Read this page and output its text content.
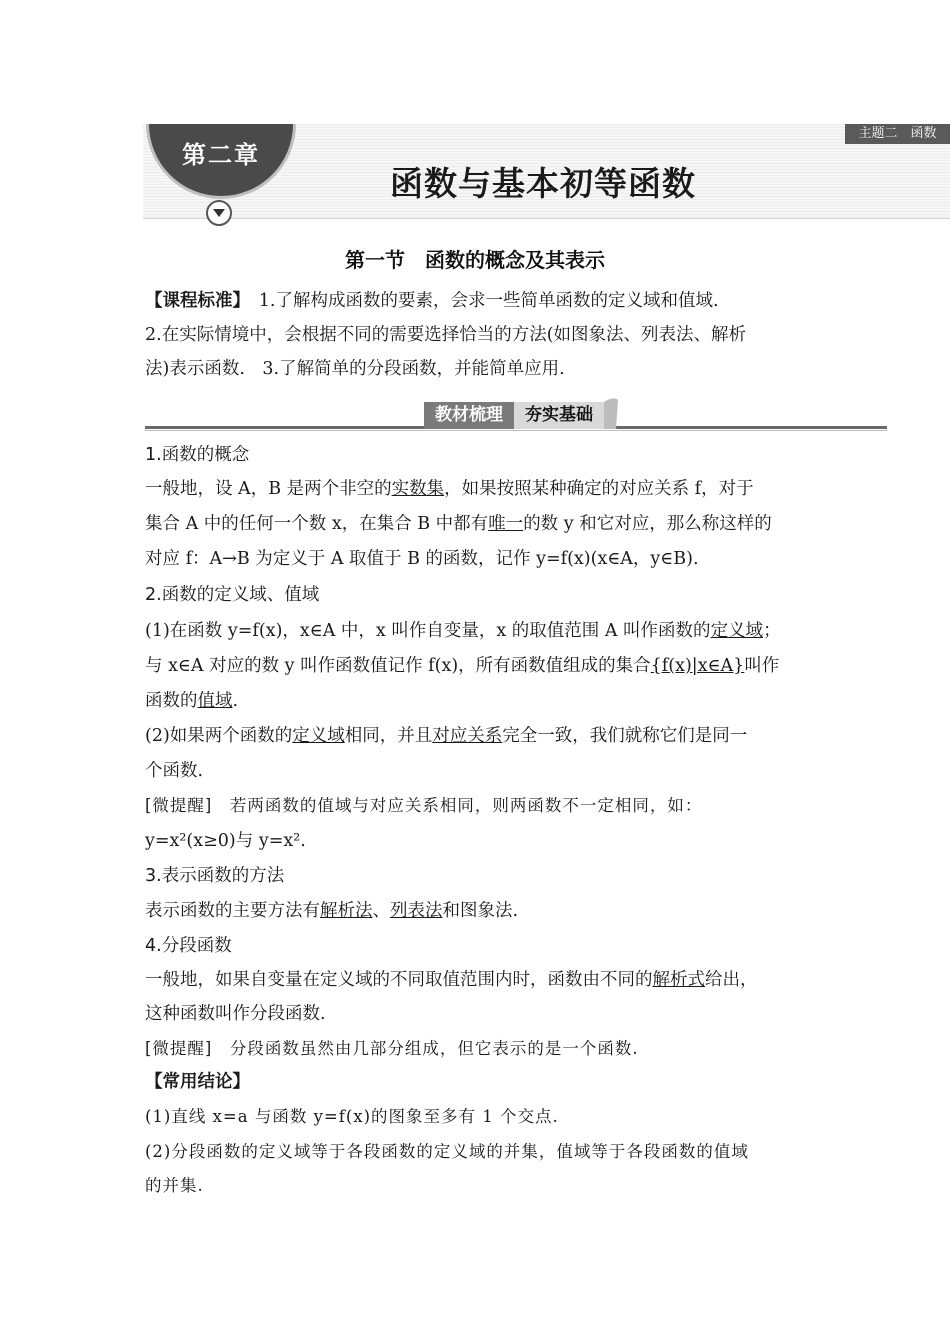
主题二　函数
第二章
函数与基本初等函数
第一节　函数的概念及其表示
【课程标准】　1.了解构成函数的要素，会求一些简单函数的定义域和值域.
2.在实际情境中，会根据不同的需要选择恰当的方法(如图象法、列表法、解析
法)表示函数.　3.了解简单的分段函数，并能简单应用.
教材梳理	夯实基础
1.函数的概念
一般地，设 A，B 是两个非空的实数集，如果按照某种确定的对应关系 f，对于
集合 A 中的任何一个数 x，在集合 B 中都有唯一的数 y 和它对应，那么称这样的
对应 f：A→B 为定义于 A 取值于 B 的函数，记作 y=f(x)(x∈A，y∈B).
2.函数的定义域、值域
(1)在函数 y=f(x)，x∈A 中，x 叫作自变量，x 的取值范围 A 叫作函数的定义域；
与 x∈A 对应的数 y 叫作函数值记作 f(x)，所有函数值组成的集合{f(x)|x∈A}叫作
函数的值域.
(2)如果两个函数的定义域相同，并且对应关系完全一致，我们就称它们是同一
个函数.
[微提醒]　若两函数的值域与对应关系相同，则两函数不一定相同，如：
y=x²(x≥0)与 y=x².
3.表示函数的方法
表示函数的主要方法有解析法、列表法和图象法.
4.分段函数
一般地，如果自变量在定义域的不同取值范围内时，函数由不同的解析式给出，
这种函数叫作分段函数.
[微提醒]　分段函数虽然由几部分组成，但它表示的是一个函数.
【常用结论】
(1)直线 x=a 与函数 y=f(x)的图象至多有 1 个交点.
(2)分段函数的定义域等于各段函数的定义域的并集，值域等于各段函数的值域
的并集.
